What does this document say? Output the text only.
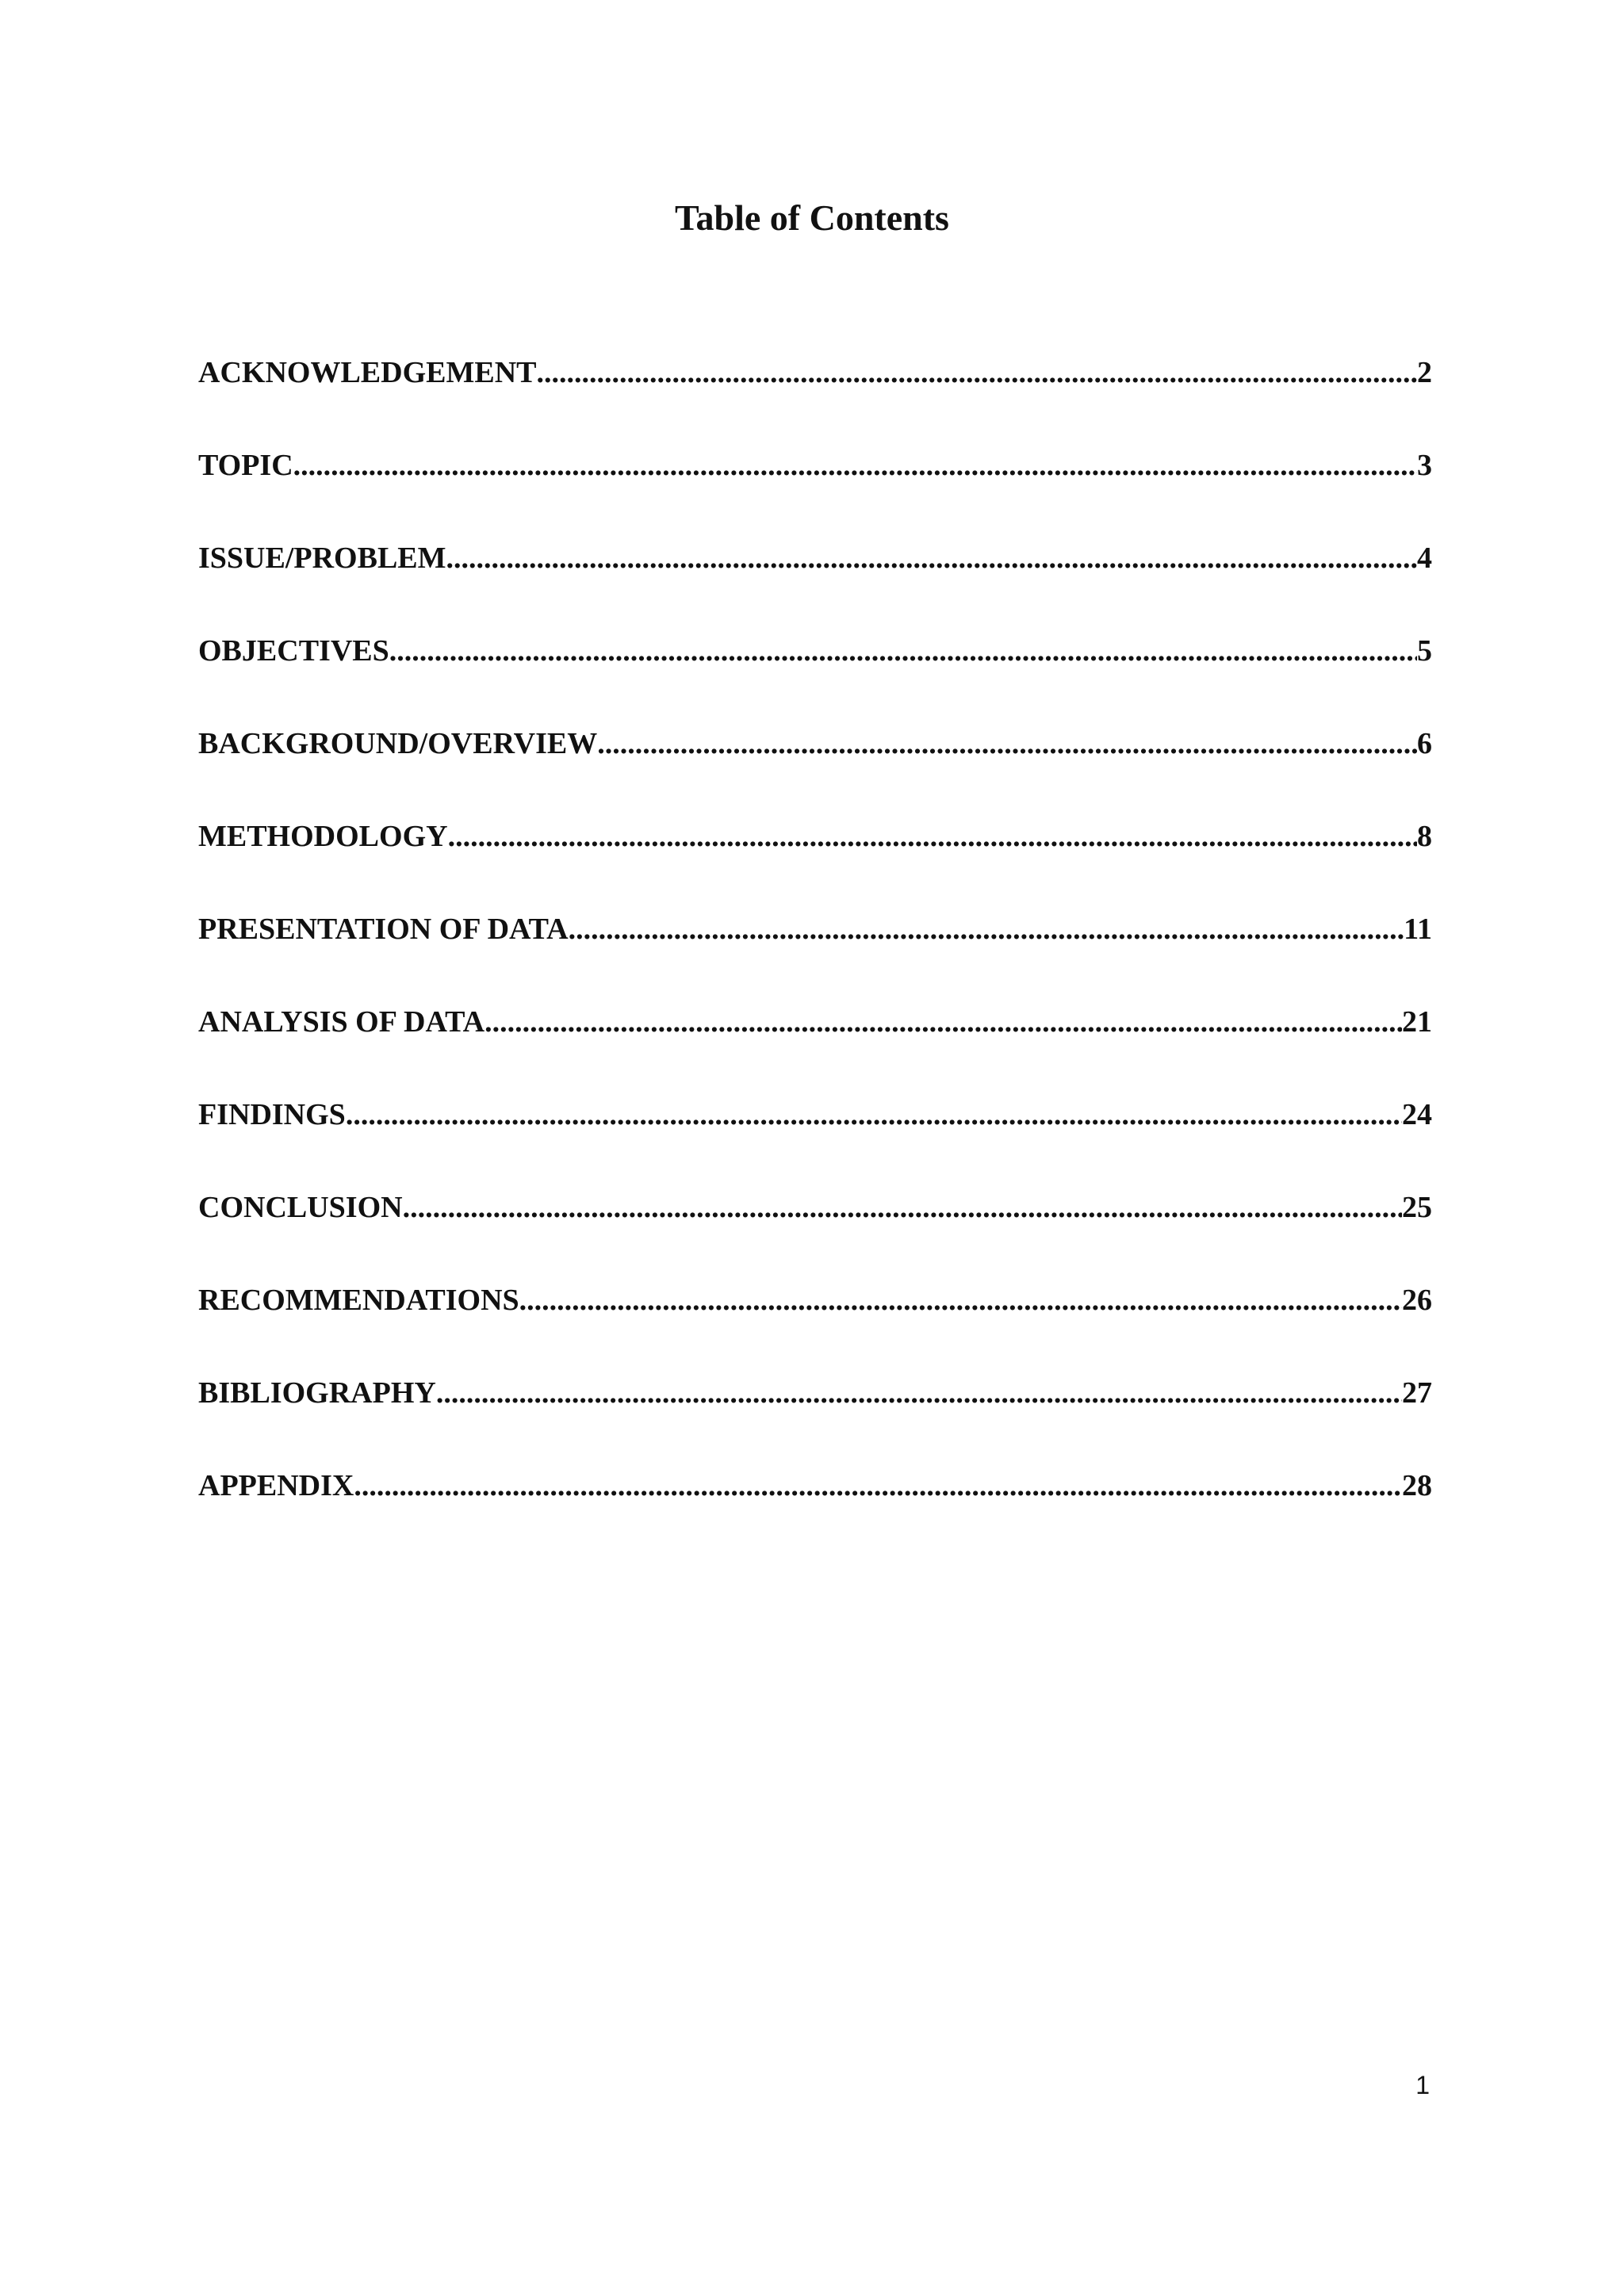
Table of Contents
ACKNOWLEDGEMENT .....	2
TOPIC .....	3
ISSUE/PROBLEM .....	4
OBJECTIVES .....	5
BACKGROUND/OVERVIEW .....	6
METHODOLOGY .....	8
PRESENTATION OF DATA .....	11
ANALYSIS OF DATA .....	21
FINDINGS .....	24
CONCLUSION .....	25
RECOMMENDATIONS .....	26
BIBLIOGRAPHY .....	27
APPENDIX .....	28
1
